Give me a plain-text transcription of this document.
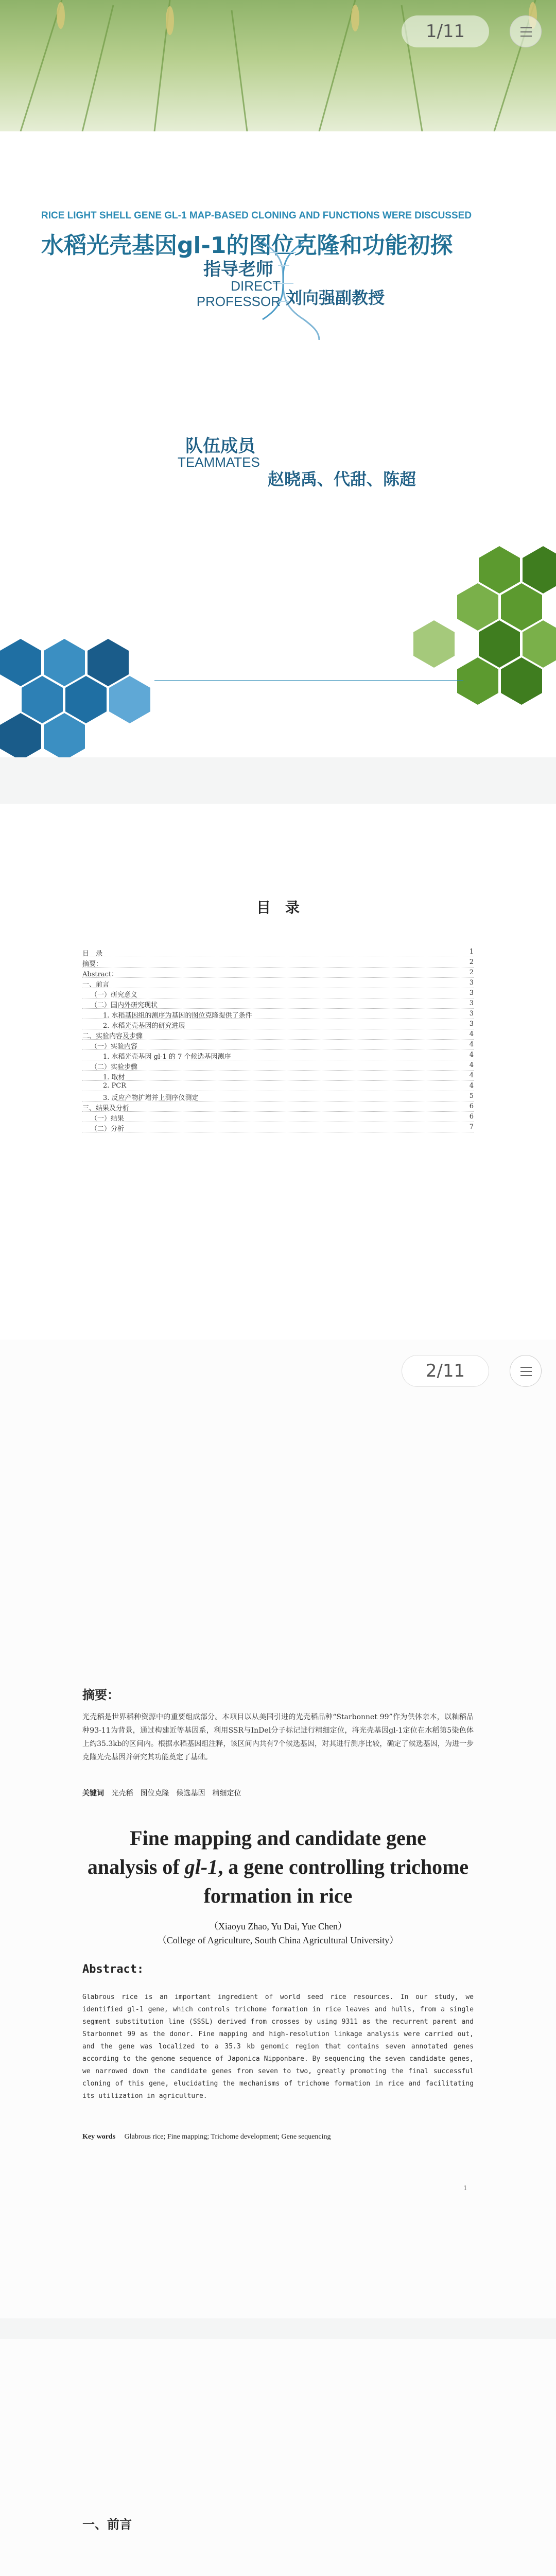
1/11
RICE LIGHT SHELL GENE GL-1 MAP-BASED CLONING AND FUNCTIONS WERE DISCUSSED
水稻光壳基因gl-1的图位克隆和功能初探
指导老师
DIRECT
PROFESSOR 刘向强副教授
队伍成员
TEAMMATES
赵晓禹、代甜、陈超
目　录
目　录	1
摘要：	2
Abstract：	2
一、前言	3
（一）研究意义	3
（二）国内外研究现状	3
1. 水稻基因组的测序为基因的图位克隆提供了条件	3
2. 水稻光壳基因的研究进展	3
二、实验内容及步骤	4
（一）实验内容	4
1. 水稻光壳基因 gl-1 的 7 个候选基因测序	4
（二）实验步骤	4
1. 取材	4
2. PCR	4
3. 反应产物扩增并上测序仪测定	5
三、结果及分析	6
（一）结果	6
（二）分析	7
2/11
摘要：
光壳稻是世界稻种资源中的重要组成部分。本项目以从美国引进的光壳稻品种“Starbonnet 99”作为供体亲本，以籼稻品种93-11为背景，通过构建近等基因系，利用SSR与InDel分子标记进行精细定位，将光壳基因gl-1定位在水稻第5染色体上约35.3kb的区间内。根据水稻基因组注释，该区间内共有7个候选基因，对其进行测序比较，确定了候选基因，为进一步克隆光壳基因并研究其功能奠定了基础。
关键词 光壳稻　图位克隆　候选基因　精细定位
Fine mapping and candidate gene
analysis of gl-1, a gene controlling trichome
formation in rice
（Xiaoyu Zhao, Yu Dai, Yue Chen）
（College of Agriculture, South China Agricultural University）
Abstract:
Glabrous rice is an important ingredient of world seed rice resources. In our study, we identified gl-1 gene, which controls trichome formation in rice leaves and hulls, from a single segment substitution line (SSSL) derived from crosses by using 9311 as the recurrent parent and Starbonnet 99 as the donor. Fine mapping and high-resolution linkage analysis were carried out, and the gene was localized to a 35.3 kb genomic region that contains seven annotated genes according to the genome sequence of Japonica Nipponbare. By sequencing the seven candidate genes, we narrowed down the candidate genes from seven to two, greatly promoting the final successful cloning of this gene, elucidating the mechanisms of trichome formation in rice and facilitating its utilization in agriculture.
Key words Glabrous rice; Fine mapping; Trichome development; Gene sequencing
1
一、前言
